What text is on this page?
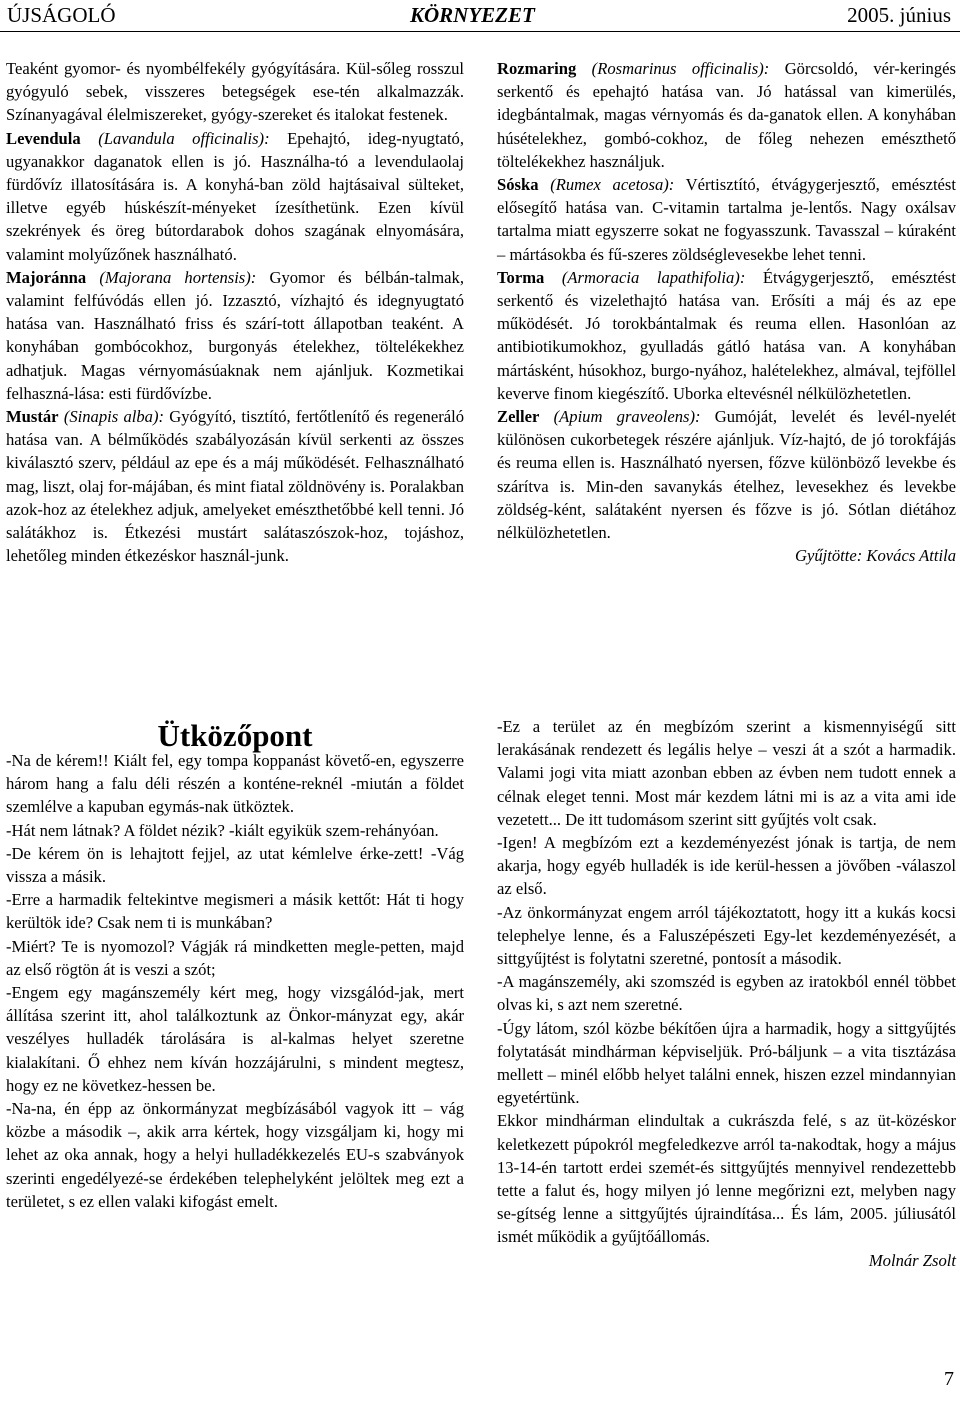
ÚJSÁGOLÓ	KÖRNYEZET	2005. június

Teaként gyomor- és nyombélfekély gyógyítására. Kül-sőleg rosszul gyógyuló sebek, visszeres betegségek ese-tén alkalmazzák. Színanyagával élelmiszereket, gyógy-szereket és italokat festenek.

Levendula (Lavandula officinalis): Epehajtó, ideg-nyugtató, ugyanakkor daganatok ellen is jó. Használha-tó a levendulaolaj fürdővíz illatosítására is. A konyhá-ban zöld hajtásaival sülteket, illetve egyéb húskészít-ményeket ízesíthetünk. Ezen kívül szekrények és öreg bútordarabok dohos szagának elnyomására, valamint molyűzőnek használható.

Majoránna (Majorana hortensis): Gyomor és bélbán-talmak, valamint felfúvódás ellen jó. Izzasztó, vízhajtó és idegnyugtató hatása van. Használható friss és szárí-tott állapotban teaként. A konyhában gombócokhoz, burgonyás ételekhez, töltelékekhez adhatjuk. Magas vérnyomásúaknak nem ajánljuk. Kozmetikai felhaszná-lása: esti fürdővízbe.

Mustár (Sinapis alba): Gyógyító, tisztító, fertőtlenítő és regeneráló hatása van. A bélműködés szabályozásán kívül serkenti az összes kiválasztó szerv, például az epe és a máj működését. Felhasználható mag, liszt, olaj for-májában, és mint fiatal zöldnövény is. Poralakban azok-hoz az ételekhez adjuk, amelyeket emészthetőbbé kell tenni. Jó salátákhoz is. Étkezési mustárt salátaszószok-hoz, tojáshoz, lehetőleg minden étkezéskor használ-junk.

Rozmaring (Rosmarinus officinalis): Görcsoldó, vér-keringés serkentő és epehajtó hatása van. Jó hatással van kimerülés, idegbántalmak, magas vérnyomás és da-ganatok ellen. A konyhában húsételekhez, gombó-cokhoz, de főleg nehezen emészthető töltelékekhez használjuk.

Sóska (Rumex acetosa): Vértisztító, étvágygerjesztő, emésztést elősegítő hatása van. C-vitamin tartalma je-lentős. Nagy oxálsav tartalma miatt egyszerre sokat ne fogyasszunk. Tavasszal – kúraként – mártásokba és fű-szeres zöldséglevesekbe lehet tenni.

Torma (Armoracia lapathifolia): Étvágygerjesztő, emésztést serkentő és vizelethajtó hatása van. Erősíti a máj és az epe működését. Jó torokbántalmak és reuma ellen. Hasonlóan az antibiotikumokhoz, gyulladás gátló hatása van. A konyhában mártásként, húsokhoz, burgo-nyához, halételekhez, almával, tejföllel keverve finom kiegészítő. Uborka eltevésnél nélkülözhetetlen.

Zeller (Apium graveolens): Gumóját, levelét és levél-nyelét különösen cukorbetegek részére ajánljuk. Víz-hajtó, de jó torokfájás és reuma ellen is. Használható nyersen, főzve különböző levekbe és szárítva is. Min-den savanykás ételhez, levesekhez és levekbe zöldség-ként, salátaként nyersen és főzve is jó. Sótlan diétához nélkülözhetetlen.

Gyűjtötte: Kovács Attila

Ütközőpont

-Na de kérem!! Kiált fel, egy tompa koppanást követő-en, egyszerre három hang a falu déli részén a konténe-reknél -miután a földet szemlélve a kapuban egymás-nak ütköztek.

-Hát nem látnak? A földet nézik? -kiált egyikük szem-rehányóan.

-De kérem ön is lehajtott fejjel, az utat kémlelve érke-zett! -Vág vissza a másik.

-Erre a harmadik feltekintve megismeri a másik kettőt: Hát ti hogy kerültök ide? Csak nem ti is munkában?

-Miért? Te is nyomozol? Vágják rá mindketten megle-petten, majd az első rögtön át is veszi a szót;

-Engem egy magánszemély kért meg, hogy vizsgálód-jak, mert állítása szerint itt, ahol találkoztunk az Önkor-mányzat egy, akár veszélyes hulladék tárolására is al-kalmas helyet szeretne kialakítani. Ő ehhez nem kíván hozzájárulni, s mindent megtesz, hogy ez ne következ-hessen be.

-Na-na, én épp az önkormányzat megbízásából vagyok itt – vág közbe a második –, akik arra kértek, hogy vizsgáljam ki, hogy mi lehet az oka annak, hogy a helyi hulladékkezelés EU-s szabványok szerinti engedélyezé-se érdekében telephelyként jelöltek meg ezt a területet, s ez ellen valaki kifogást emelt.

-Ez a terület az én megbízóm szerint a kismennyiségű sitt lerakásának rendezett és legális helye – veszi át a szót a harmadik. Valami jogi vita miatt azonban ebben az évben nem tudott ennek a célnak eleget tenni. Most már kezdem látni mi is az a vita ami ide vezetett... De itt tudomásom szerint sitt gyűjtés volt csak.

-Igen! A megbízóm ezt a kezdeményezést jónak is tartja, de nem akarja, hogy egyéb hulladék is ide kerül-hessen a jövőben -válaszol az első.

-Az önkormányzat engem arról tájékoztatott, hogy itt a kukás kocsi telephelye lenne, és a Faluszépészeti Egy-let kezdeményezését, a sittgyűjtést is folytatni szeretné, pontosít a második.

-A magánszemély, aki szomszéd is egyben az iratokból ennél többet olvas ki, s azt nem szeretné.

-Úgy látom, szól közbe békítően újra a harmadik, hogy a sittgyűjtés folytatását mindhárman képviseljük. Pró-báljunk – a vita tisztázása mellett – minél előbb helyet találni ennek, hiszen ezzel mindannyian egyetértünk.

Ekkor mindhárman elindultak a cukrászda felé, s az üt-közéskor keletkezett púpokról megfeledkezve arról ta-nakodtak, hogy a május 13-14-én tartott erdei szemét-és sittgyűjtés mennyivel rendezettebb tette a falut és, hogy milyen jó lenne megőrizni ezt, melyben nagy se-gítség lenne a sittgyűjtés újraindítása... És lám, 2005. júliusától ismét működik a gyűjtőállomás.

Molnár Zsolt

7
